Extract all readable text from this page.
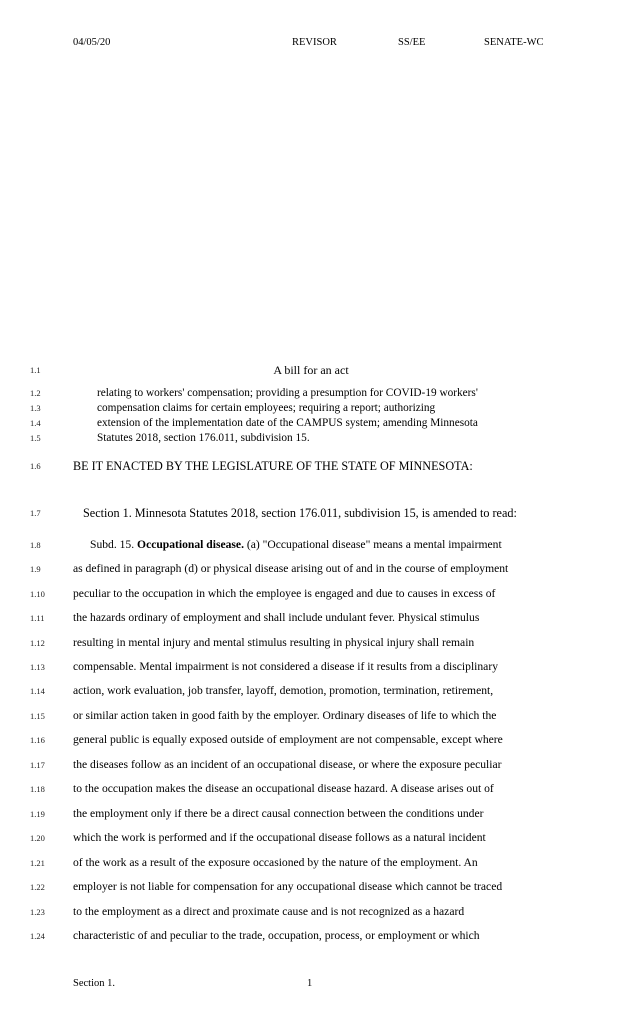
04/05/20	REVISOR	SS/EE	SENATE-WC
1.1	A bill for an act
1.2	relating to workers' compensation; providing a presumption for COVID-19 workers'
1.3	compensation claims for certain employees; requiring a report; authorizing
1.4	extension of the implementation date of the CAMPUS system; amending Minnesota
1.5	Statutes 2018, section 176.011, subdivision 15.
1.6	BE IT ENACTED BY THE LEGISLATURE OF THE STATE OF MINNESOTA:
1.7	Section 1. Minnesota Statutes 2018, section 176.011, subdivision 15, is amended to read:
1.8	Subd. 15. Occupational disease. (a) "Occupational disease" means a mental impairment
1.9	as defined in paragraph (d) or physical disease arising out of and in the course of employment
1.10	peculiar to the occupation in which the employee is engaged and due to causes in excess of
1.11	the hazards ordinary of employment and shall include undulant fever. Physical stimulus
1.12	resulting in mental injury and mental stimulus resulting in physical injury shall remain
1.13	compensable. Mental impairment is not considered a disease if it results from a disciplinary
1.14	action, work evaluation, job transfer, layoff, demotion, promotion, termination, retirement,
1.15	or similar action taken in good faith by the employer. Ordinary diseases of life to which the
1.16	general public is equally exposed outside of employment are not compensable, except where
1.17	the diseases follow as an incident of an occupational disease, or where the exposure peculiar
1.18	to the occupation makes the disease an occupational disease hazard. A disease arises out of
1.19	the employment only if there be a direct causal connection between the conditions under
1.20	which the work is performed and if the occupational disease follows as a natural incident
1.21	of the work as a result of the exposure occasioned by the nature of the employment. An
1.22	employer is not liable for compensation for any occupational disease which cannot be traced
1.23	to the employment as a direct and proximate cause and is not recognized as a hazard
1.24	characteristic of and peculiar to the trade, occupation, process, or employment or which
Section 1.	1
